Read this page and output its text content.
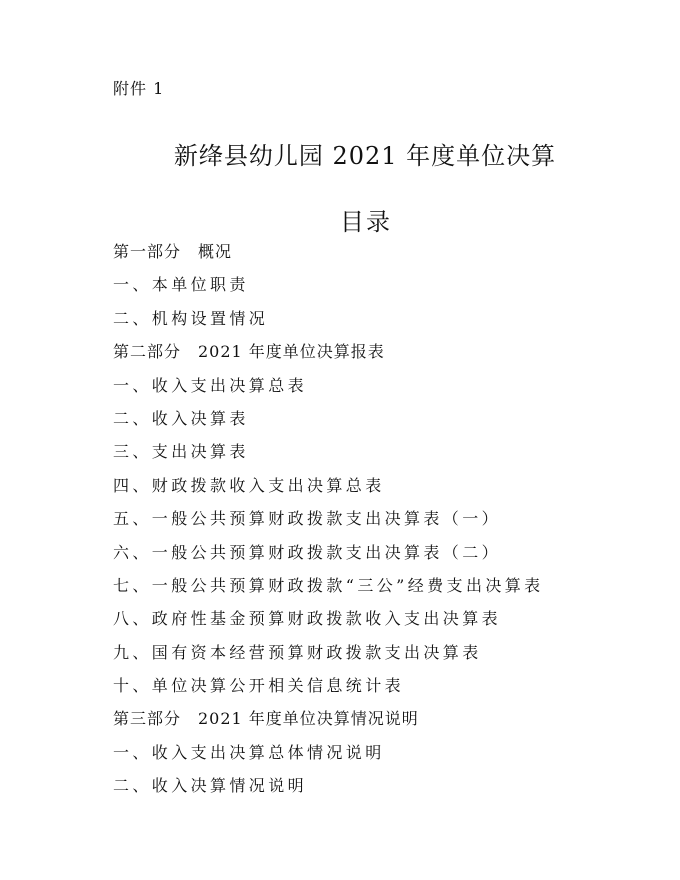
附件 1
新绛县幼儿园 2021 年度单位决算
目录
第一部分　概况
一、本单位职责
二、机构设置情况
第二部分　2021 年度单位决算报表
一、收入支出决算总表
二、收入决算表
三、支出决算表
四、财政拨款收入支出决算总表
五、一般公共预算财政拨款支出决算表（一）
六、一般公共预算财政拨款支出决算表（二）
七、一般公共预算财政拨款“三公”经费支出决算表
八、政府性基金预算财政拨款收入支出决算表
九、国有资本经营预算财政拨款支出决算表
十、单位决算公开相关信息统计表
第三部分　2021 年度单位决算情况说明
一、收入支出决算总体情况说明
二、收入决算情况说明
